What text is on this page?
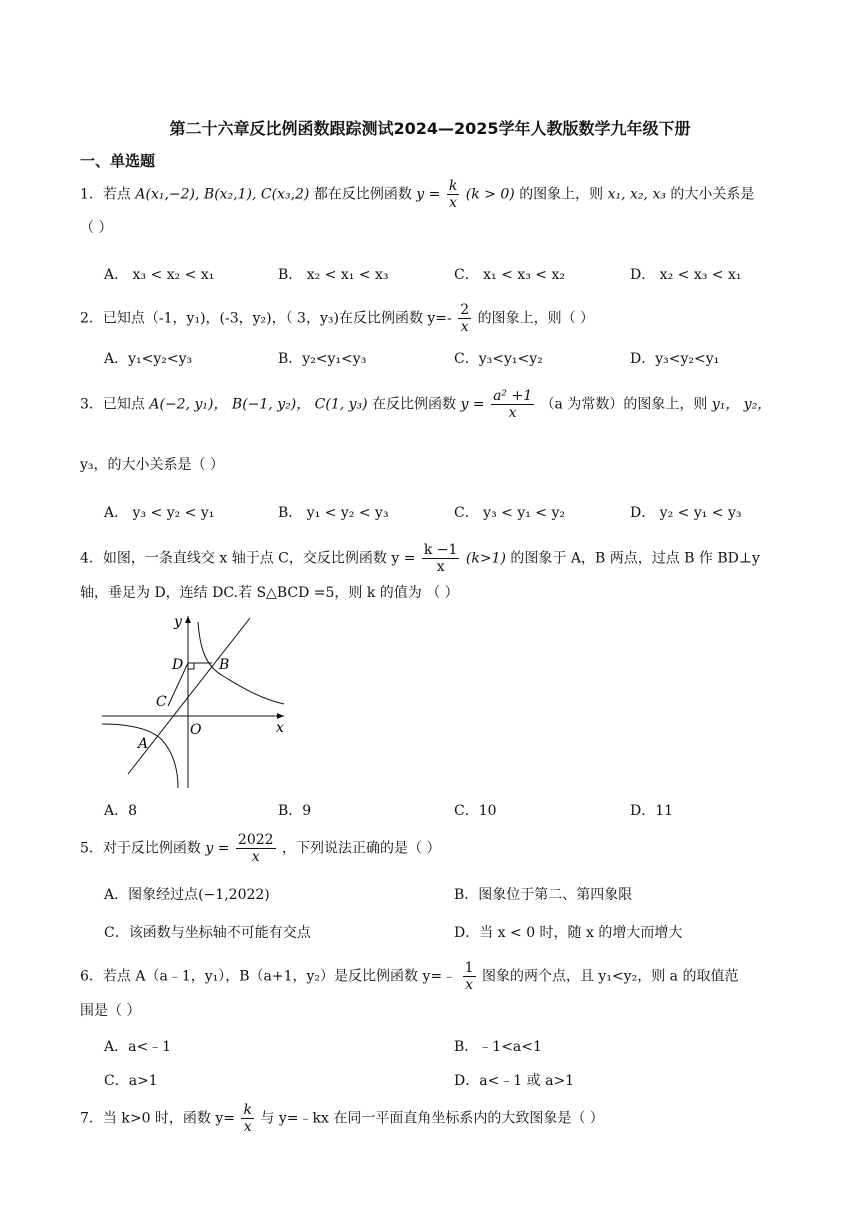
第二十六章反比例函数跟踪测试2024—2025学年人教版数学九年级下册
一、单选题
1．若点 A(x₁,−2), B(x₂,1), C(x₃,2) 都在反比例函数 $y = \frac{k}{x} (k > 0)$ 的图象上，则 x₁, x₂, x₃ 的大小关系是
（ ）
A． x₃ < x₂ < x₁	B． x₂ < x₁ < x₃	C． x₁ < x₃ < x₂	D． x₂ < x₃ < x₁
2．已知点（-1，y₁)，(-3，y₂)，（ 3，y₃)在反比例函数 $y=- \frac{2}{x}$ 的图象上，则（ ）
A．y₁<y₂<y₃	B．y₂<y₁<y₃	C．y₃<y₁<y₂	D．y₃<y₂<y₁
3．已知点 A(−2, y₁)， B(−1, y₂)， C(1, y₃) 在反比例函数 $y = \frac{\text{a² +1}}{x} (a$ 为常数）的图象上，则 y₁， y₂，
y₃，的大小关系是（ ）
A． y₃ < y₂ < y₁	B． y₁ < y₂ < y₃	C． y₃ < y₁ < y₂	D． y₂ < y₁ < y₃
4．如图，一条直线交 x 轴于点 C，交反比例函数 $y = \frac{k -1}{x} (k>1)$ 的图象于 A，B 两点，过点 B 作 BD⊥y
轴，垂足为 D，连结 DC.若 S△BCD =5，则 k 的值为 （ ）
y
x
O
A
B
C
D
A．8	B．9	C．10	D．11
5．对于反比例函数 $y = \frac{2022}{x}$ ，下列说法正确的是（ ）
A．图象经过点(−1,2022)	B．图象位于第二、第四象限
C．该函数与坐标轴不可能有交点	D．当 x < 0 时，随 x 的增大而增大
6．若点 A（a﹣1，y₁），B（a+1，y₂）是反比例函数 y=﹣ $\frac{1}{x}$ 图象的两个点，且 y₁<y₂，则 a 的取值范
围是（ ）
A．a<﹣1	B．﹣1<a<1
C．a>1	D．a<﹣1 或 a>1
7．当 k>0 时，函数 $y= \frac{k}{x}$ 与 y=﹣kx 在同一平面直角坐标系内的大致图象是（ ）
